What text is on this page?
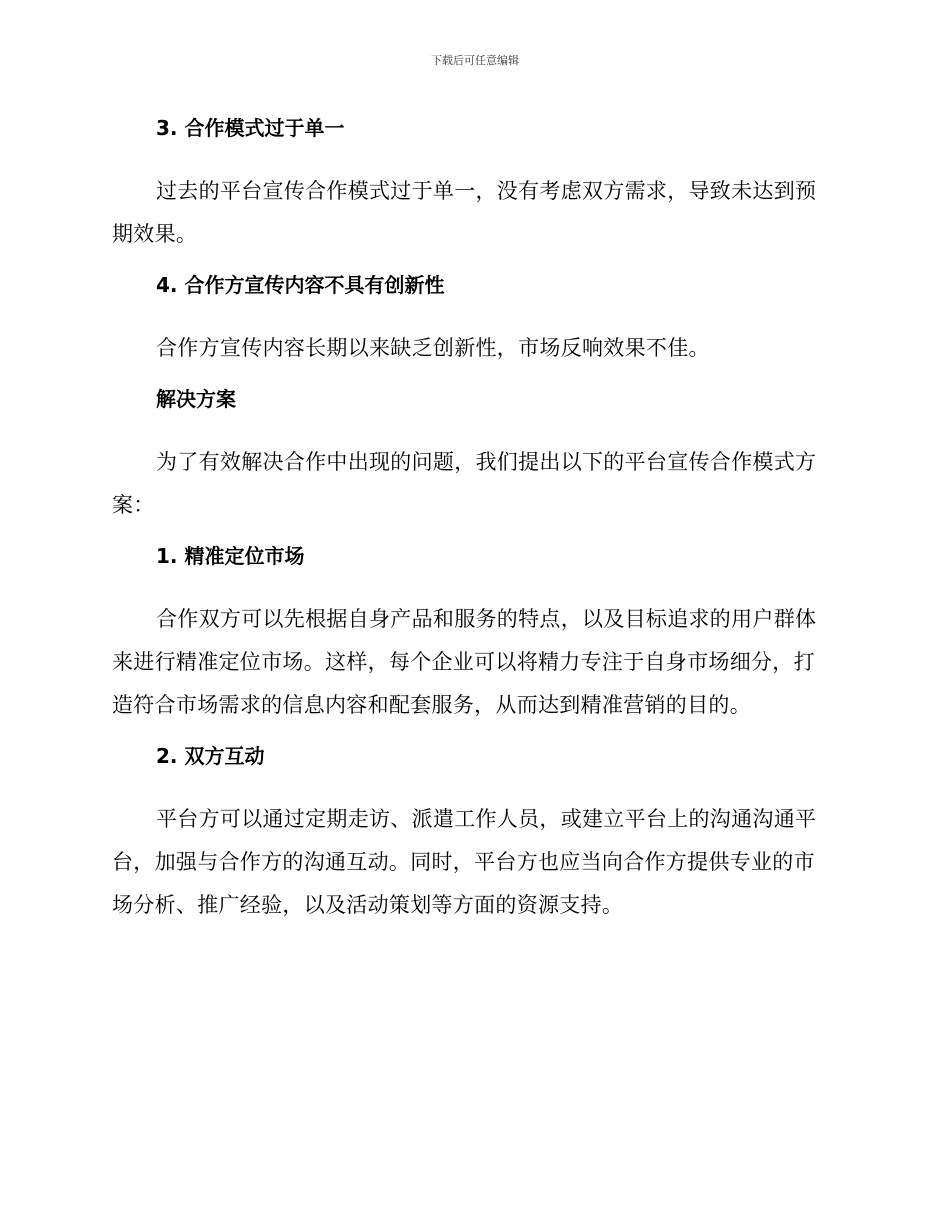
下载后可任意编辑
3. 合作模式过于单一
过去的平台宣传合作模式过于单一，没有考虑双方需求，导致未达到预期效果。
4. 合作方宣传内容不具有创新性
合作方宣传内容长期以来缺乏创新性，市场反响效果不佳。
解决方案
为了有效解决合作中出现的问题，我们提出以下的平台宣传合作模式方案：
1. 精准定位市场
合作双方可以先根据自身产品和服务的特点，以及目标追求的用户群体来进行精准定位市场。这样，每个企业可以将精力专注于自身市场细分，打造符合市场需求的信息内容和配套服务，从而达到精准营销的目的。
2. 双方互动
平台方可以通过定期走访、派遣工作人员，或建立平台上的沟通沟通平台，加强与合作方的沟通互动。同时，平台方也应当向合作方提供专业的市场分析、推广经验，以及活动策划等方面的资源支持。
